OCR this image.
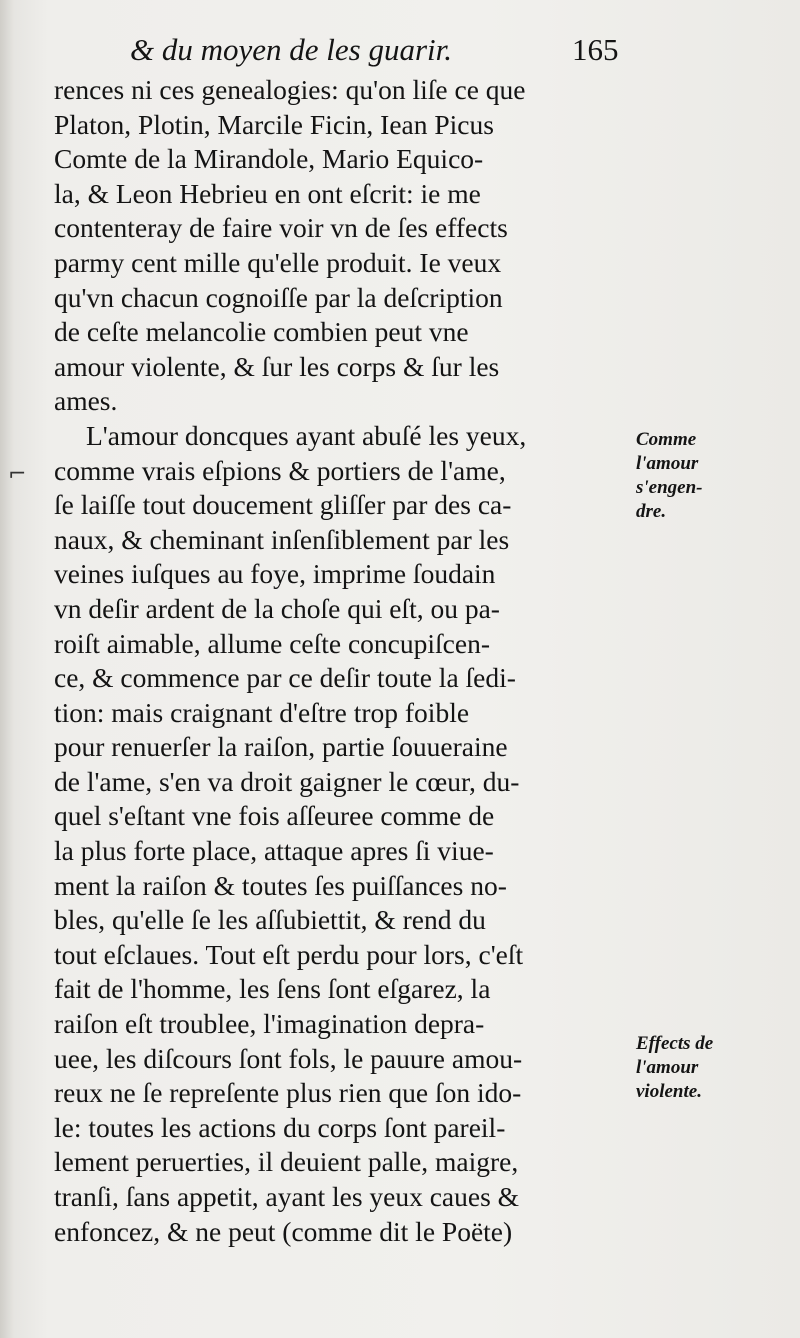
⌐
& du moyen de les guarir.	165
rences ni ces genealogies: qu'on liſe ce que
Platon, Plotin, Marcile Ficin, Iean Picus
Comte de la Mirandole, Mario Equico-
la, & Leon Hebrieu en ont eſcrit: ie me
contenteray de faire voir vn de ſes effects
parmy cent mille qu'elle produit. Ie veux
qu'vn chacun cognoiſſe par la deſcription
de ceſte melancolie combien peut vne
amour violente, & ſur les corps & ſur les
ames.
L'amour doncques ayant abuſé les yeux,
comme vrais eſpions & portiers de l'ame,
ſe laiſſe tout doucement gliſſer par des ca-
naux, & cheminant inſenſiblement par les
veines iuſques au foye, imprime ſoudain
vn deſir ardent de la choſe qui eſt, ou pa-
roiſt aimable, allume ceſte concupiſcen-
ce, & commence par ce deſir toute la ſedi-
tion: mais craignant d'eſtre trop foible
pour renuerſer la raiſon, partie ſouueraine
de l'ame, s'en va droit gaigner le cœur, du-
quel s'eſtant vne fois aſſeuree comme de
la plus forte place, attaque apres ſi viue-
ment la raiſon & toutes ſes puiſſances no-
bles, qu'elle ſe les aſſubiettit, & rend du
tout eſclaues. Tout eſt perdu pour lors, c'eſt
fait de l'homme, les ſens ſont eſgarez, la
raiſon eſt troublee, l'imagination depra-
uee, les diſcours ſont fols, le pauure amou-
reux ne ſe repreſente plus rien que ſon ido-
le: toutes les actions du corps ſont pareil-
lement peruerties, il deuient palle, maigre,
tranſi, ſans appetit, ayant les yeux caues &
enfoncez, & ne peut (comme dit le Poëte)
Comme
l'amour
s'engen-
dre.
Effects de
l'amour
violente.
